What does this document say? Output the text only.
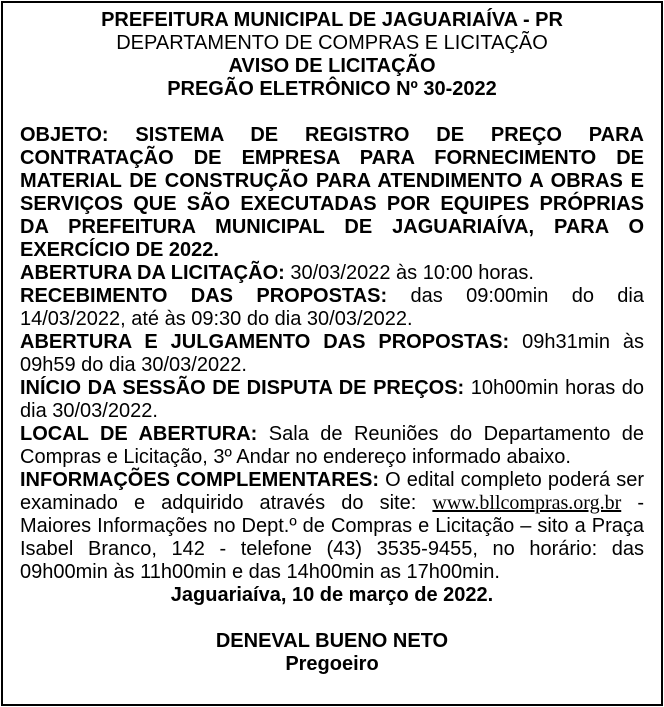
PREFEITURA MUNICIPAL DE JAGUARIAÍVA - PR

DEPARTAMENTO DE COMPRAS E LICITAÇÃO

AVISO DE LICITAÇÃO

PREGÃO ELETRÔNICO Nº 30-2022

OBJETO: SISTEMA DE REGISTRO DE PREÇO PARA CONTRATAÇÃO DE EMPRESA PARA FORNECIMENTO DE MATERIAL DE CONSTRUÇÃO PARA ATENDIMENTO A OBRAS E SERVIÇOS QUE SÃO EXECUTADAS POR EQUIPES PRÓPRIAS DA PREFEITURA MUNICIPAL DE JAGUARIAÍVA, PARA O EXERCÍCIO DE 2022.

ABERTURA DA LICITAÇÃO: 30/03/2022 às 10:00 horas.

RECEBIMENTO DAS PROPOSTAS: das 09:00min do dia 14/03/2022, até às 09:30 do dia 30/03/2022.

ABERTURA E JULGAMENTO DAS PROPOSTAS: 09h31min às 09h59 do dia 30/03/2022.

INÍCIO DA SESSÃO DE DISPUTA DE PREÇOS: 10h00min horas do dia 30/03/2022.

LOCAL DE ABERTURA: Sala de Reuniões do Departamento de Compras e Licitação, 3º Andar no endereço informado abaixo.

INFORMAÇÕES COMPLEMENTARES: O edital completo poderá ser examinado e adquirido através do site: www.bllcompras.org.br - Maiores Informações no Dept.º de Compras e Licitação – sito a Praça Isabel Branco, 142 - telefone (43) 3535-9455, no horário: das 09h00min às 11h00min e das 14h00min as 17h00min.

Jaguariaíva, 10 de março de 2022.

DENEVAL BUENO NETO

Pregoeiro
